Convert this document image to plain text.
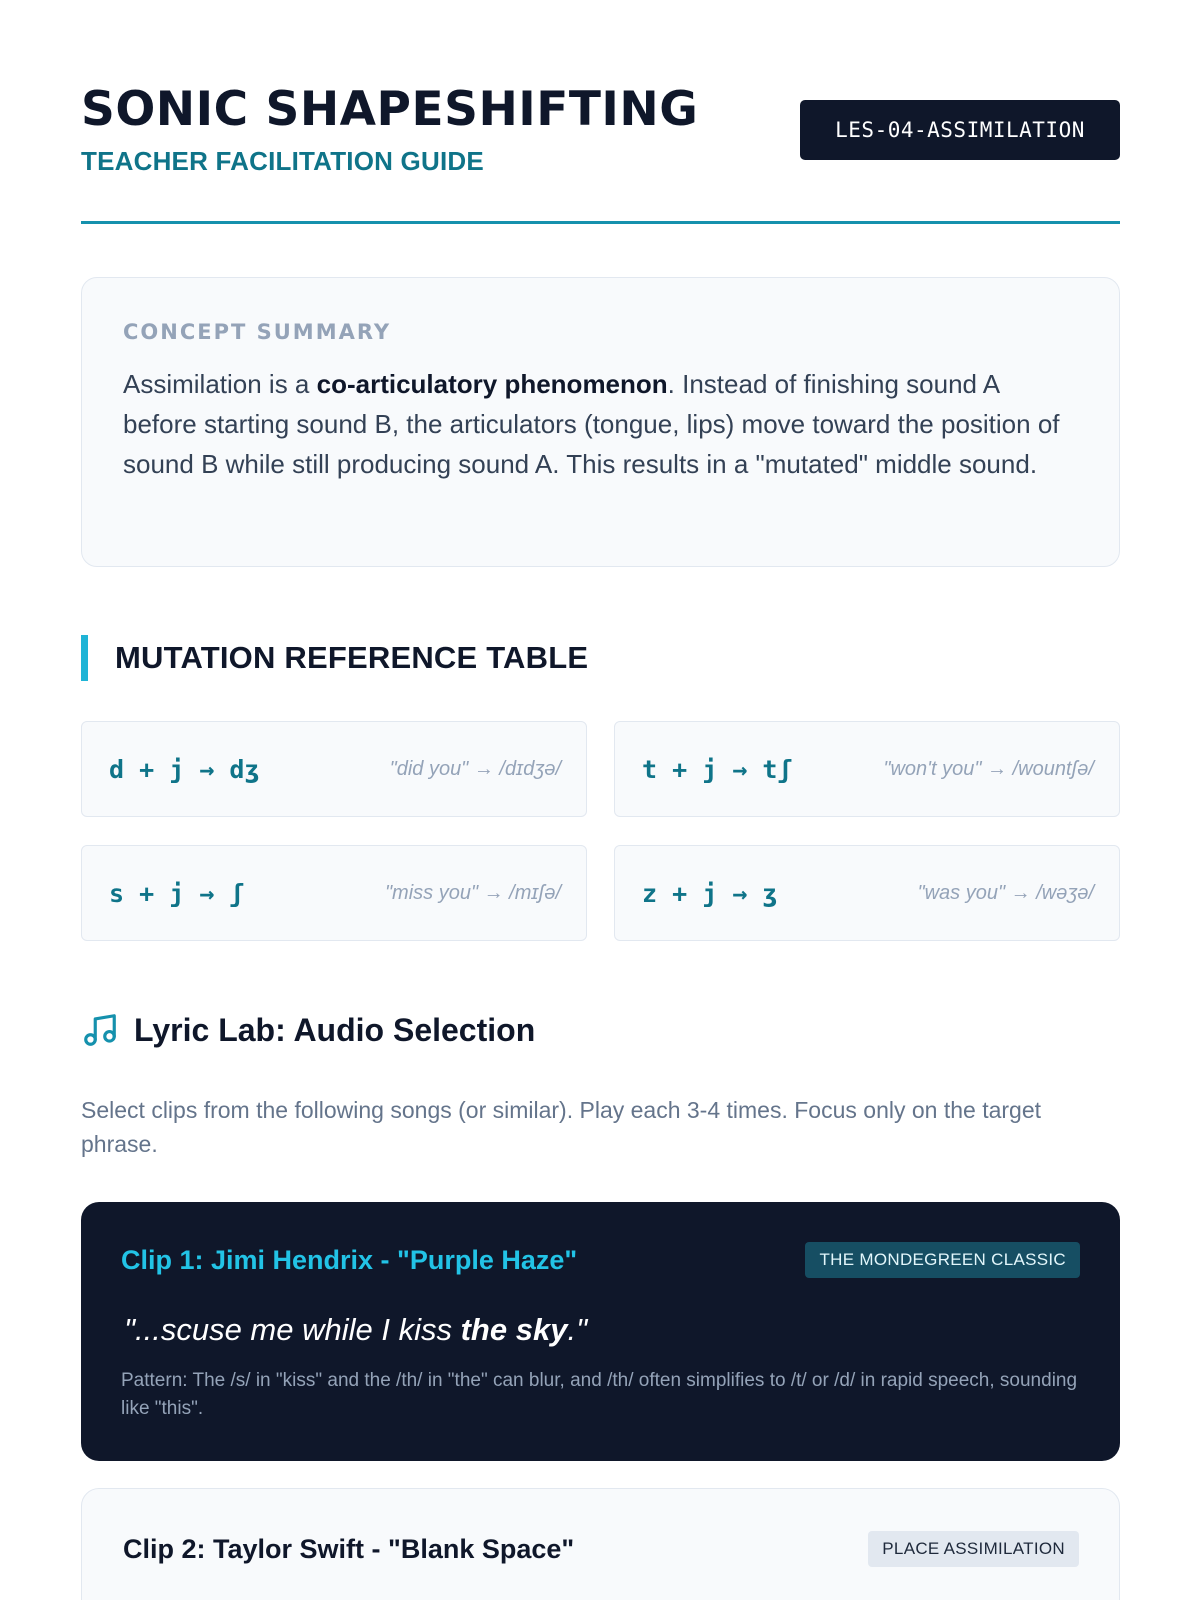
SONIC SHAPESHIFTING
TEACHER FACILITATION GUIDE
LES-04-ASSIMILATION
CONCEPT SUMMARY

Assimilation is a co-articulatory phenomenon. Instead of finishing sound A before starting sound B, the articulators (tongue, lips) move toward the position of sound B while still producing sound A. This results in a "mutated" middle sound.

MUTATION REFERENCE TABLE
d + j → dʒ	"did you" → /dɪdʒə/	t + j → tʃ	"won't you" → /wountʃə/
s + j → ʃ	"miss you" → /mɪʃə/	z + j → ʒ	"was you" → /wəʒə/
Lyric Lab: Audio Selection

Select clips from the following songs (or similar). Play each 3-4 times. Focus only on the target phrase.

Clip 1: Jimi Hendrix - "Purple Haze"	THE MONDEGREEN CLASSIC
"...scuse me while I kiss the sky."

Pattern: The /s/ in "kiss" and the /th/ in "the" can blur, and /th/ often simplifies to /t/ or /d/ in rapid speech, sounding like "this".

Clip 2: Taylor Swift - "Blank Space"	PLACE ASSIMILATION
